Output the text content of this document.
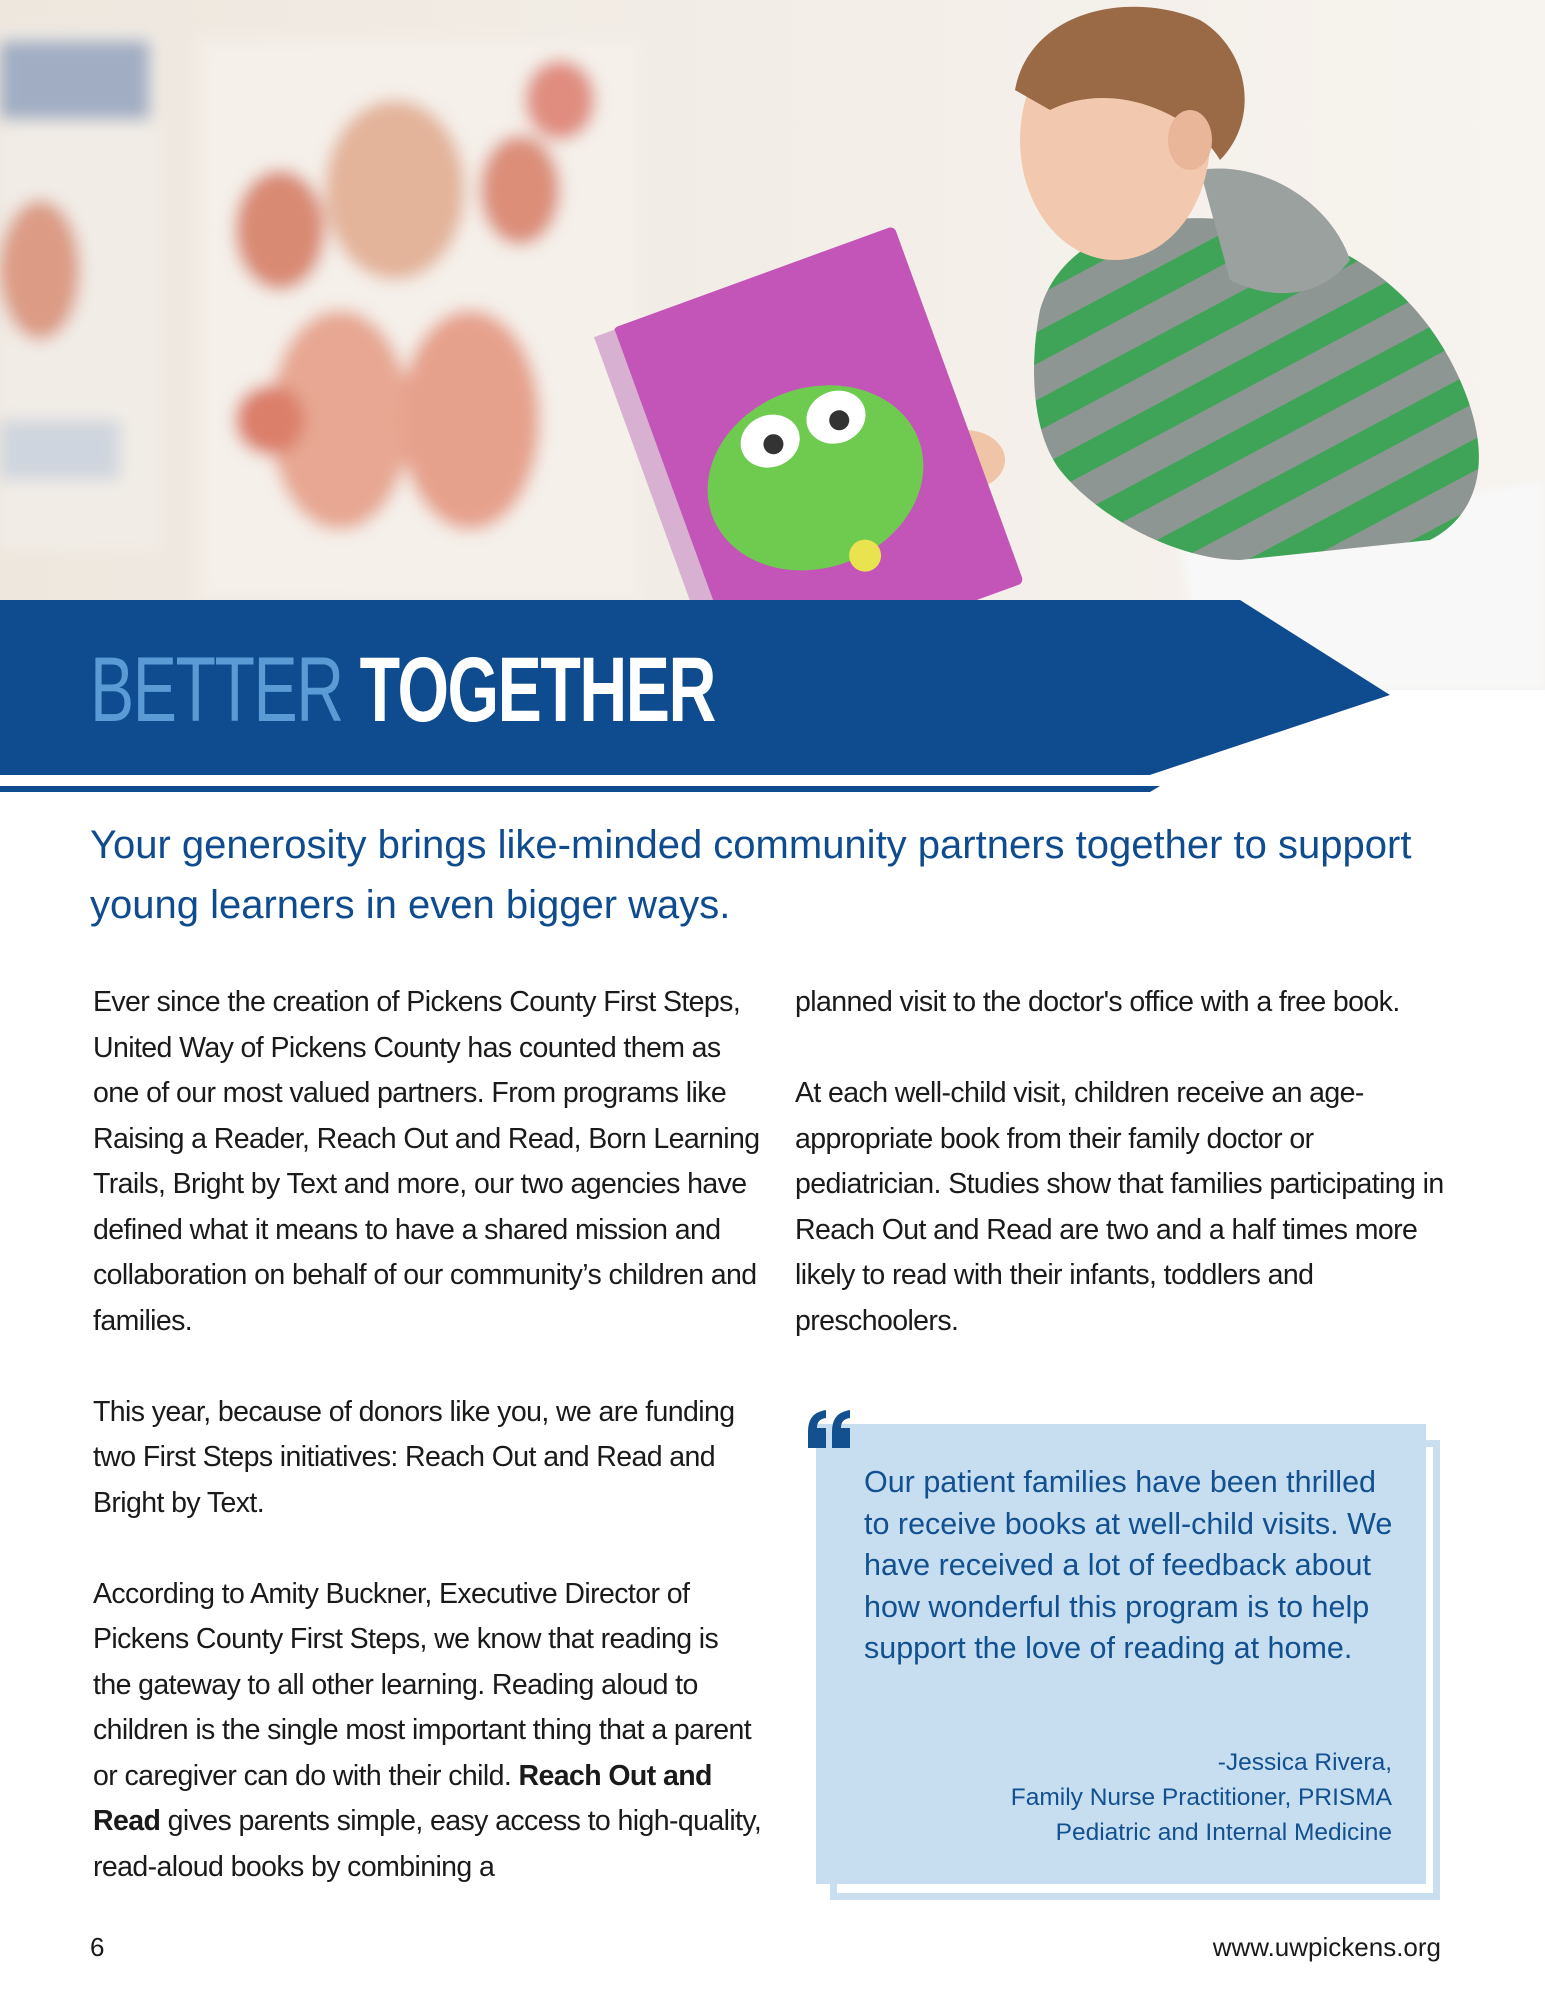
BETTER TOGETHER
Your generosity brings like-minded community partners together to support young learners in even bigger ways.

Ever since the creation of Pickens County First Steps, United Way of Pickens County has counted them as one of our most valued partners. From programs like Raising a Reader, Reach Out and Read, Born Learning Trails, Bright by Text and more, our two agencies have defined what it means to have a shared mission and collaboration on behalf of our community’s children and families.

This year, because of donors like you, we are funding two First Steps initiatives: Reach Out and Read and Bright by Text.

According to Amity Buckner, Executive Director of Pickens County First Steps, we know that reading is the gateway to all other learning. Reading aloud to children is the single most important thing that a parent or caregiver can do with their child. Reach Out and Read gives parents simple, easy access to high-quality, read-aloud books by combining a

planned visit to the doctor's office with a free book.

At each well-child visit, children receive an age-appropriate book from their family doctor or pediatrician. Studies show that families participating in Reach Out and Read are two and a half times more likely to read with their infants, toddlers and preschoolers.

Our patient families have been thrilled to receive books at well-child visits. We have received a lot of feedback about how wonderful this program is to help support the love of reading at home.
-Jessica Rivera,
Family Nurse Practitioner, PRISMA
Pediatric and Internal Medicine
6	www.uwpickens.org
